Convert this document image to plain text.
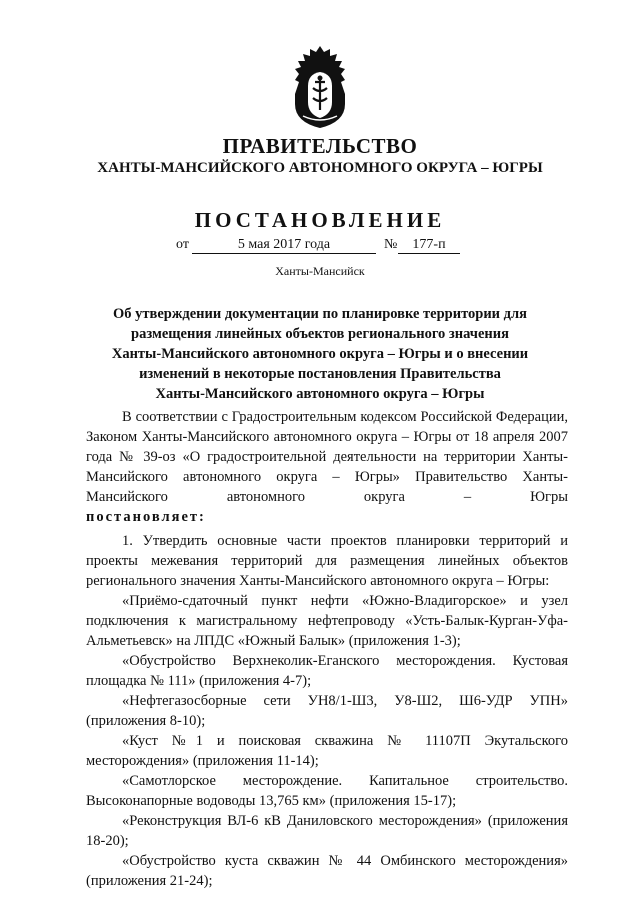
ПРАВИТЕЛЬСТВО
ХАНТЫ-МАНСИЙСКОГО АВТОНОМНОГО ОКРУГА – ЮГРЫ
ПОСТАНОВЛЕНИЕ
от	5 мая 2017 года	№	177-п
Ханты-Мансийск
Об утверждении документации по планировке территории для
размещения линейных объектов регионального значения
Ханты-Мансийского автономного округа – Югры и о внесении
изменений в некоторые постановления Правительства
Ханты-Мансийского автономного округа – Югры

В соответствии с Градостроительным кодексом Российской Федерации, Законом Ханты-Мансийского автономного округа – Югры от 18 апреля 2007 года № 39-оз «О градостроительной деятельности на территории Ханты-Мансийского автономного округа – Югры» Правительство Ханты-Мансийского автономного округа – Югры

постановляет:

1. Утвердить основные части проектов планировки территорий и проекты межевания территорий для размещения линейных объектов регионального значения Ханты-Мансийского автономного округа – Югры:

«Приёмо-сдаточный пункт нефти «Южно-Владигорское» и узел подключения к магистральному нефтепроводу «Усть-Балык-Курган-Уфа-Альметьевск» на ЛПДС «Южный Балык» (приложения 1-3);

«Обустройство Верхнеколик-Еганского месторождения. Кустовая площадка № 111» (приложения 4-7);

«Нефтегазосборные сети УН8/1-Ш3, У8-Ш2, Ш6-УДР УПН» (приложения 8-10);

«Куст №1 и поисковая скважина № 11107П Экутальского месторождения» (приложения 11-14);

«Самотлорское месторождение. Капитальное строительство. Высоконапорные водоводы 13,765 км» (приложения 15-17);

«Реконструкция ВЛ-6 кВ Даниловского месторождения» (приложения 18-20);

«Обустройство куста скважин № 44 Омбинского месторождения» (приложения 21-24);
